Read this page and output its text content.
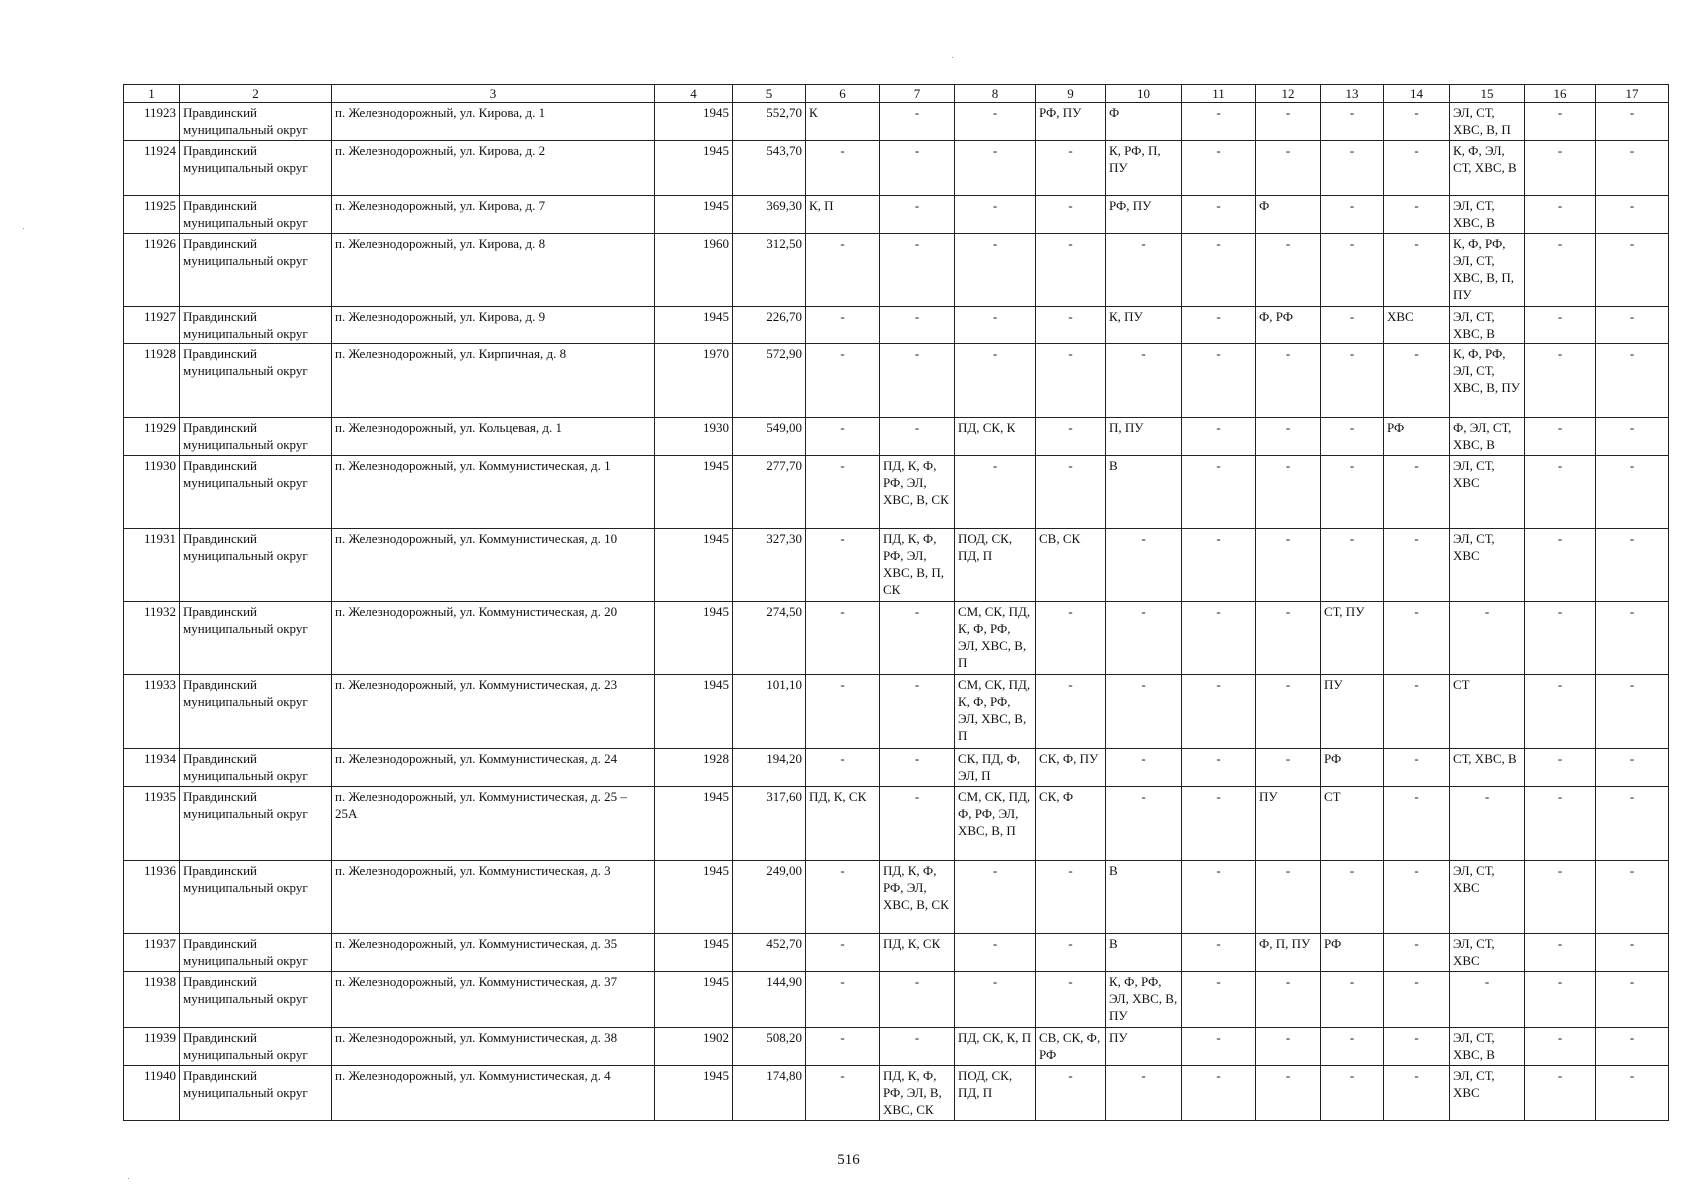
1	2	3	4	5	6	7	8	9	10	11	12	13	14	15	16	17
11923	Правдинский муниципальный округ	п. Железнодорожный, ул. Кирова, д. 1	1945	552,70	К	-	-	РФ, ПУ	Ф	-	-	-	-	ЭЛ, СТ, ХВС, В, П	-	-
11924	Правдинский муниципальный округ	п. Железнодорожный, ул. Кирова, д. 2	1945	543,70	-	-	-	-	К, РФ, П, ПУ	-	-	-	-	К, Ф, ЭЛ, СТ, ХВС, В	-	-
11925	Правдинский муниципальный округ	п. Железнодорожный, ул. Кирова, д. 7	1945	369,30	К, П	-	-	-	РФ, ПУ	-	Ф	-	-	ЭЛ, СТ, ХВС, В	-	-
11926	Правдинский муниципальный округ	п. Железнодорожный, ул. Кирова, д. 8	1960	312,50	-	-	-	-	-	-	-	-	-	К, Ф, РФ, ЭЛ, СТ, ХВС, В, П, ПУ	-	-
11927	Правдинский муниципальный округ	п. Железнодорожный, ул. Кирова, д. 9	1945	226,70	-	-	-	-	К, ПУ	-	Ф, РФ	-	ХВС	ЭЛ, СТ, ХВС, В	-	-
11928	Правдинский муниципальный округ	п. Железнодорожный, ул. Кирпичная, д. 8	1970	572,90	-	-	-	-	-	-	-	-	-	К, Ф, РФ, ЭЛ, СТ, ХВС, В, ПУ	-	-
11929	Правдинский муниципальный округ	п. Железнодорожный, ул. Кольцевая, д. 1	1930	549,00	-	-	ПД, СК, К	-	П, ПУ	-	-	-	РФ	Ф, ЭЛ, СТ, ХВС, В	-	-
11930	Правдинский муниципальный округ	п. Железнодорожный, ул. Коммунистическая, д. 1	1945	277,70	-	ПД, К, Ф, РФ, ЭЛ, ХВС, В, СК	-	-	В	-	-	-	-	ЭЛ, СТ, ХВС	-	-
11931	Правдинский муниципальный округ	п. Железнодорожный, ул. Коммунистическая, д. 10	1945	327,30	-	ПД, К, Ф, РФ, ЭЛ, ХВС, В, П, СК	ПОД, СК, ПД, П	СВ, СК	-	-	-	-	-	ЭЛ, СТ, ХВС	-	-
11932	Правдинский муниципальный округ	п. Железнодорожный, ул. Коммунистическая, д. 20	1945	274,50	-	-	СМ, СК, ПД, К, Ф, РФ, ЭЛ, ХВС, В, П	-	-	-	-	СТ, ПУ	-	-	-	-
11933	Правдинский муниципальный округ	п. Железнодорожный, ул. Коммунистическая, д. 23	1945	101,10	-	-	СМ, СК, ПД, К, Ф, РФ, ЭЛ, ХВС, В, П	-	-	-	-	ПУ	-	СТ	-	-
11934	Правдинский муниципальный округ	п. Железнодорожный, ул. Коммунистическая, д. 24	1928	194,20	-	-	СК, ПД, Ф, ЭЛ, П	СК, Ф, ПУ	-	-	-	РФ	-	СТ, ХВС, В	-	-
11935	Правдинский муниципальный округ	п. Железнодорожный, ул. Коммунистическая, д. 25 – 25А	1945	317,60	ПД, К, СК	-	СМ, СК, ПД, Ф, РФ, ЭЛ, ХВС, В, П	СК, Ф	-	-	ПУ	СТ	-	-	-	-
11936	Правдинский муниципальный округ	п. Железнодорожный, ул. Коммунистическая, д. 3	1945	249,00	-	ПД, К, Ф, РФ, ЭЛ, ХВС, В, СК	-	-	В	-	-	-	-	ЭЛ, СТ, ХВС	-	-
11937	Правдинский муниципальный округ	п. Железнодорожный, ул. Коммунистическая, д. 35	1945	452,70	-	ПД, К, СК	-	-	В	-	Ф, П, ПУ	РФ	-	ЭЛ, СТ, ХВС	-	-
11938	Правдинский муниципальный округ	п. Железнодорожный, ул. Коммунистическая, д. 37	1945	144,90	-	-	-	-	К, Ф, РФ, ЭЛ, ХВС, В, ПУ	-	-	-	-	-	-	-
11939	Правдинский муниципальный округ	п. Железнодорожный, ул. Коммунистическая, д. 38	1902	508,20	-	-	ПД, СК, К, П	СВ, СК, Ф, РФ	ПУ	-	-	-	-	ЭЛ, СТ, ХВС, В	-	-
11940	Правдинский муниципальный округ	п. Железнодорожный, ул. Коммунистическая, д. 4	1945	174,80	-	ПД, К, Ф, РФ, ЭЛ, В, ХВС, СК	ПОД, СК, ПД, П	-	-	-	-	-	-	ЭЛ, СТ, ХВС	-	-
516
